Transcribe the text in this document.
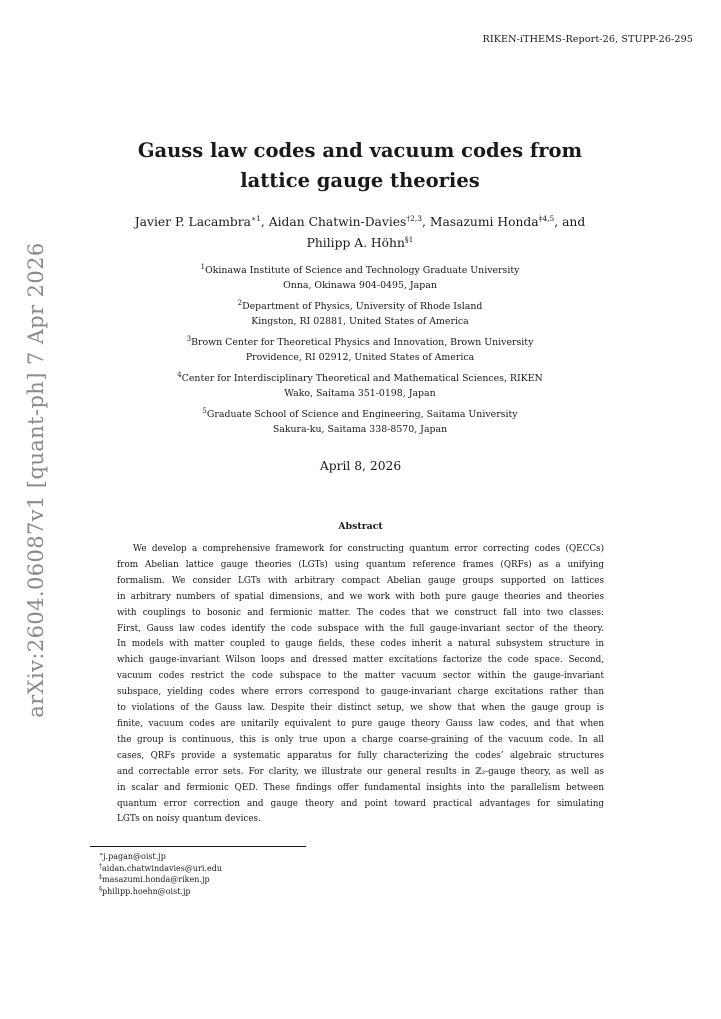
RIKEN-iTHEMS-Report-26, STUPP-26-295
arXiv:2604.06087v1 [quant-ph] 7 Apr 2026
Gauss law codes and vacuum codes from
lattice gauge theories
Javier P. Lacambra$^{∗1}$, Aidan Chatwin-Davies$^{\dagger 2,3}$, Masazumi Honda$^{\ddagger 4,5}$, and
Philipp A. Höhn$^{\S 1}$
$^1$Okinawa Institute of Science and Technology Graduate University
Onna, Okinawa 904-0495, Japan
$^2$Department of Physics, University of Rhode Island
Kingston, RI 02881, United States of America
$^3$Brown Center for Theoretical Physics and Innovation, Brown University
Providence, RI 02912, United States of America
$^4$Center for Interdisciplinary Theoretical and Mathematical Sciences, RIKEN
Wako, Saitama 351-0198, Japan
$^5$Graduate School of Science and Engineering, Saitama University
Sakura-ku, Saitama 338-8570, Japan
April 8, 2026
Abstract
We develop a comprehensive framework for constructing quantum error correcting codes (QECCs)
from Abelian lattice gauge theories (LGTs) using quantum reference frames (QRFs) as a unifying
formalism. We consider LGTs with arbitrary compact Abelian gauge groups supported on lattices
in arbitrary numbers of spatial dimensions, and we work with both pure gauge theories and theories
with couplings to bosonic and fermionic matter. The codes that we construct fall into two classes:
First, Gauss law codes identify the code subspace with the full gauge-invariant sector of the theory.
In models with matter coupled to gauge fields, these codes inherit a natural subsystem structure in
which gauge-invariant Wilson loops and dressed matter excitations factorize the code space. Second,
vacuum codes restrict the code subspace to the matter vacuum sector within the gauge-invariant
subspace, yielding codes where errors correspond to gauge-invariant charge excitations rather than
to violations of the Gauss law. Despite their distinct setup, we show that when the gauge group is
finite, vacuum codes are unitarily equivalent to pure gauge theory Gauss law codes, and that when
the group is continuous, this is only true upon a charge coarse-graining of the vacuum code. In all
cases, QRFs provide a systematic apparatus for fully characterizing the codes’ algebraic structures
and correctable error sets. For clarity, we illustrate our general results in ℤ₂-gauge theory, as well as
in scalar and fermionic QED. These findings offer fundamental insights into the parallelism between
quantum error correction and gauge theory and point toward practical advantages for simulating
LGTs on noisy quantum devices.
∗j.pagan@oist.jp
†aidan.chatwindavies@uri.edu
‡masazumi.honda@riken.jp
§philipp.hoehn@oist.jp
